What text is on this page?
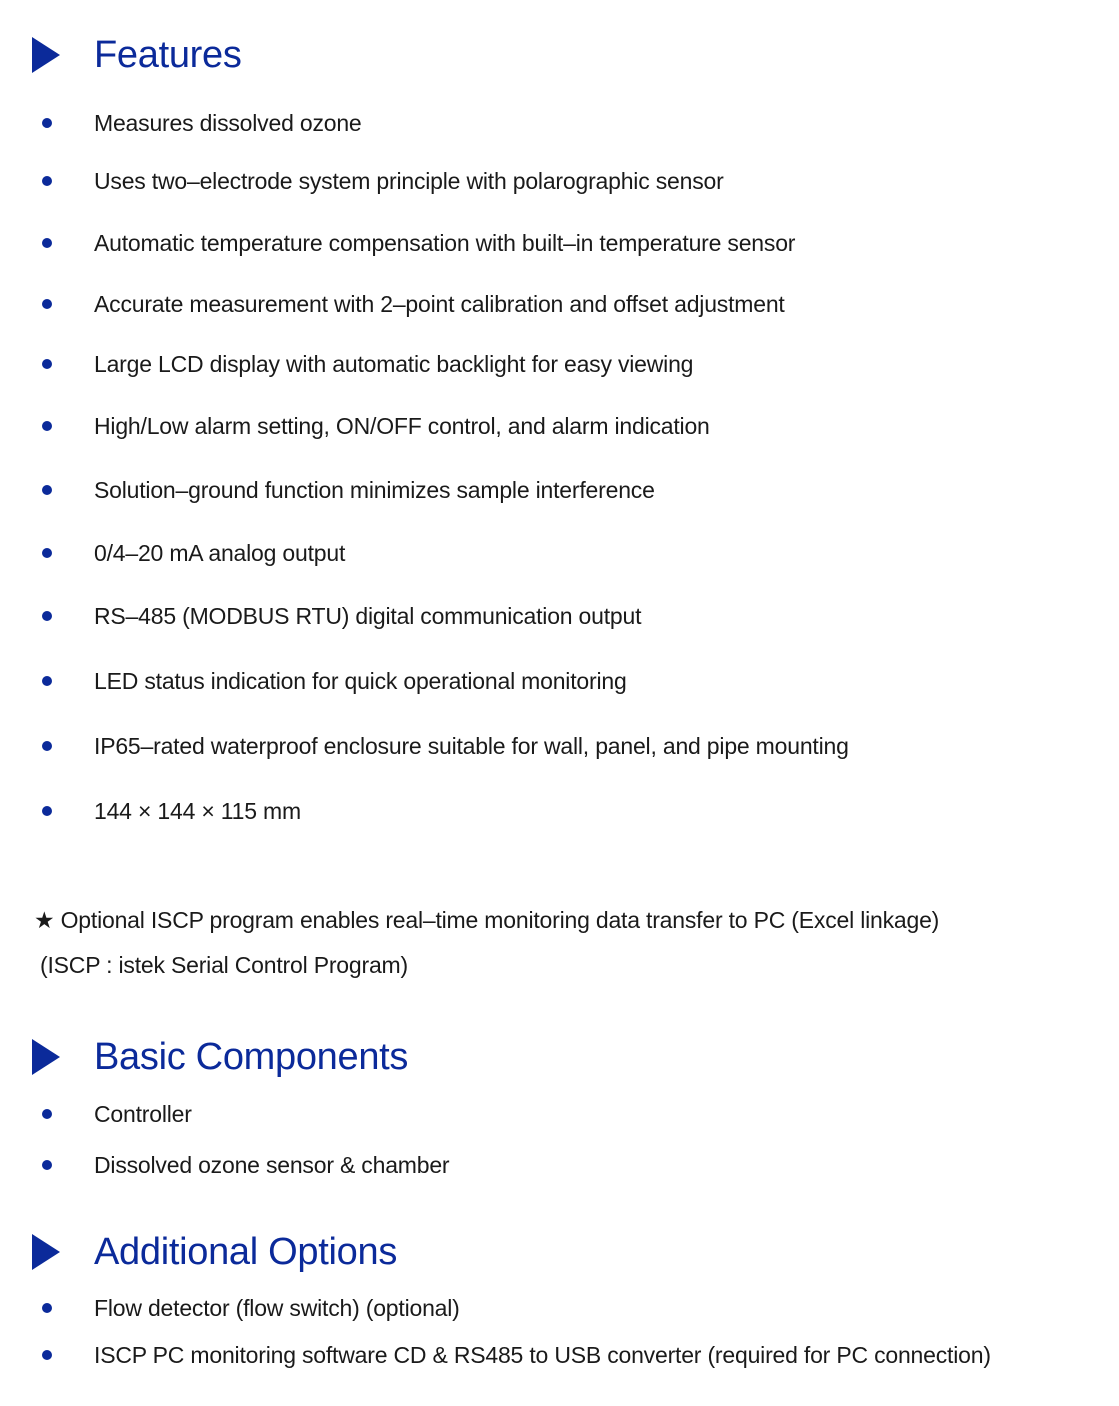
Features
Measures dissolved ozone
Uses two–electrode system principle with polarographic sensor
Automatic temperature compensation with built–in temperature sensor
Accurate measurement with 2–point calibration and offset adjustment
Large LCD display with automatic backlight for easy viewing
High/Low alarm setting, ON/OFF control, and alarm indication
Solution–ground function minimizes sample interference
0/4–20 mA analog output
RS–485 (MODBUS RTU) digital communication output
LED status indication for quick operational monitoring
IP65–rated waterproof enclosure suitable for wall, panel, and pipe mounting
144 × 144 × 115 mm
★ Optional ISCP program enables real–time monitoring data transfer to PC (Excel linkage)
(ISCP : istek Serial Control Program)
Basic Components
Controller
Dissolved ozone sensor & chamber
Additional Options
Flow detector (flow switch) (optional)
ISCP PC monitoring software CD & RS485 to USB converter (required for PC connection)
